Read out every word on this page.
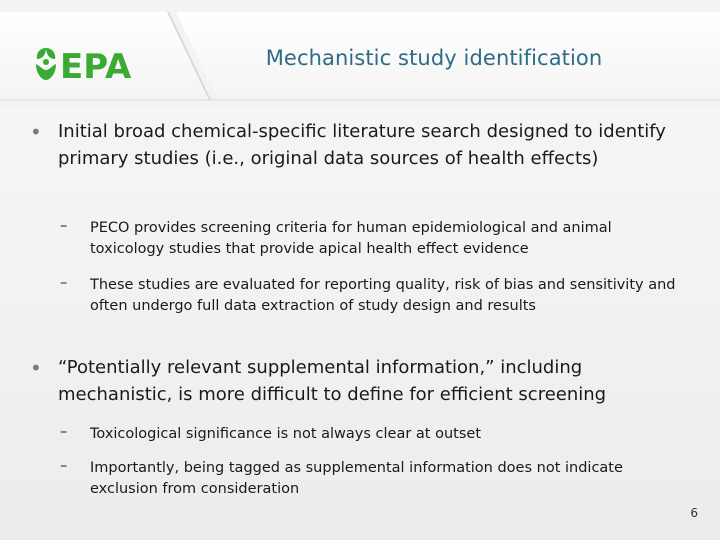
EPA	Mechanistic study identification
• Initial broad chemical-specific literature search designed to identify primary studies (i.e., original data sources of health effects)
– PECO provides screening criteria for human epidemiological and animal toxicology studies that provide apical health effect evidence
– These studies are evaluated for reporting quality, risk of bias and sensitivity and often undergo full data extraction of study design and results
• “Potentially relevant supplemental information,” including mechanistic, is more difficult to define for efficient screening
– Toxicological significance is not always clear at outset
– Importantly, being tagged as supplemental information does not indicate exclusion from consideration
6
